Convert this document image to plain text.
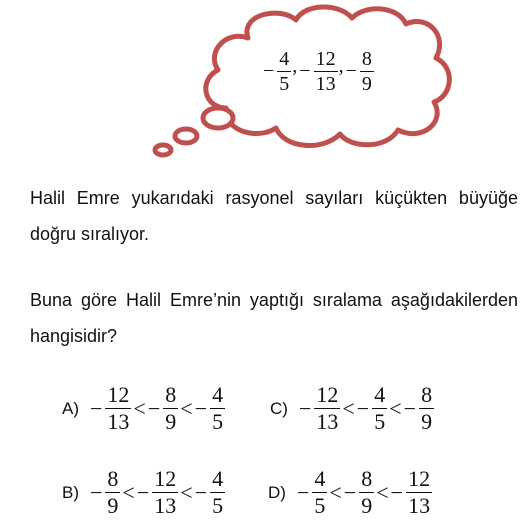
− $\frac{4}{5}$ , − $\frac{12}{13}$ , − $\frac{8}{9}$

Halil Emre yukarıdaki rasyonel sayıları küçükten büyüğe doğru sıralıyor.

Buna göre Halil Emre’nin yaptığı sıralama aşağıdakilerden hangisidir?

$A) - \frac{12}{13}$ < − $\frac{8}{9}$ < − $\frac{4}{5}$	$C) - \frac{12}{13}$ < − $\frac{4}{5}$ < − $\frac{8}{9}$
$B) - \frac{8}{9}$ < − $\frac{12}{13}$ < − $\frac{4}{5}$	$D) - \frac{4}{5}$ < − $\frac{8}{9}$ < − $\frac{12}{13}$
